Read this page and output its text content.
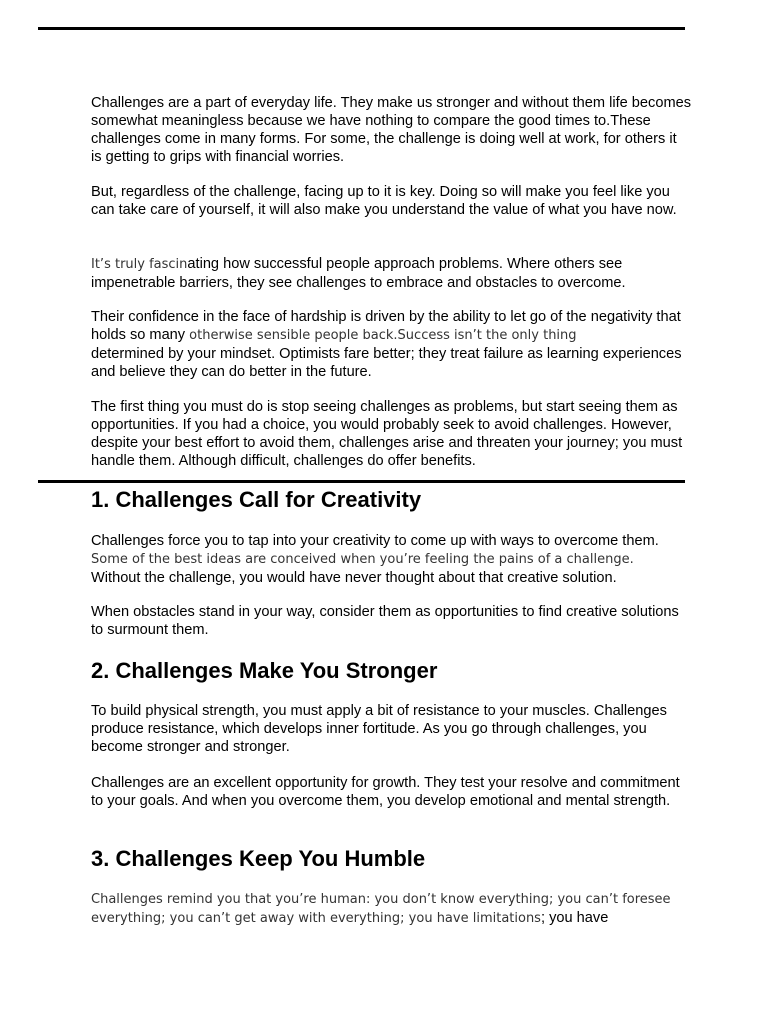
Challenges are a part of everyday life. They make us stronger and without them life becomes somewhat meaningless because we have nothing to compare the good times to.These challenges come in many forms. For some, the challenge is doing well at work, for others it is getting to grips with financial worries.

But, regardless of the challenge, facing up to it is key. Doing so will make you feel like you can take care of yourself, it will also make you understand the value of what you have now.

It’s truly fascinating how successful people approach problems. Where others see impenetrable barriers, they see challenges to embrace and obstacles to overcome.

Their confidence in the face of hardship is driven by the ability to let go of the negativity that holds so many otherwise sensible people back.Success isn’t the only thing
determined by your mindset. Optimists fare better; they treat failure as learning experiences and believe they can do better in the future.

The first thing you must do is stop seeing challenges as problems, but start seeing them as opportunities. If you had a choice, you would probably seek to avoid challenges. However, despite your best effort to avoid them, challenges arise and threaten your journey; you must handle them. Although difficult, challenges do offer benefits.

1. Challenges Call for Creativity

Challenges force you to tap into your creativity to come up with ways to overcome them.
Some of the best ideas are conceived when you’re feeling the pains of a challenge.
Without the challenge, you would have never thought about that creative solution.

When obstacles stand in your way, consider them as opportunities to find creative solutions to surmount them.

2. Challenges Make You Stronger

To build physical strength, you must apply a bit of resistance to your muscles. Challenges produce resistance, which develops inner fortitude. As you go through challenges, you become stronger and stronger.

Challenges are an excellent opportunity for growth. They test your resolve and commitment to your goals. And when you overcome them, you develop emotional and mental strength.

3. Challenges Keep You Humble

Challenges remind you that you’re human: you don’t know everything; you can’t foresee everything; you can’t get away with everything; you have limitations; you have
